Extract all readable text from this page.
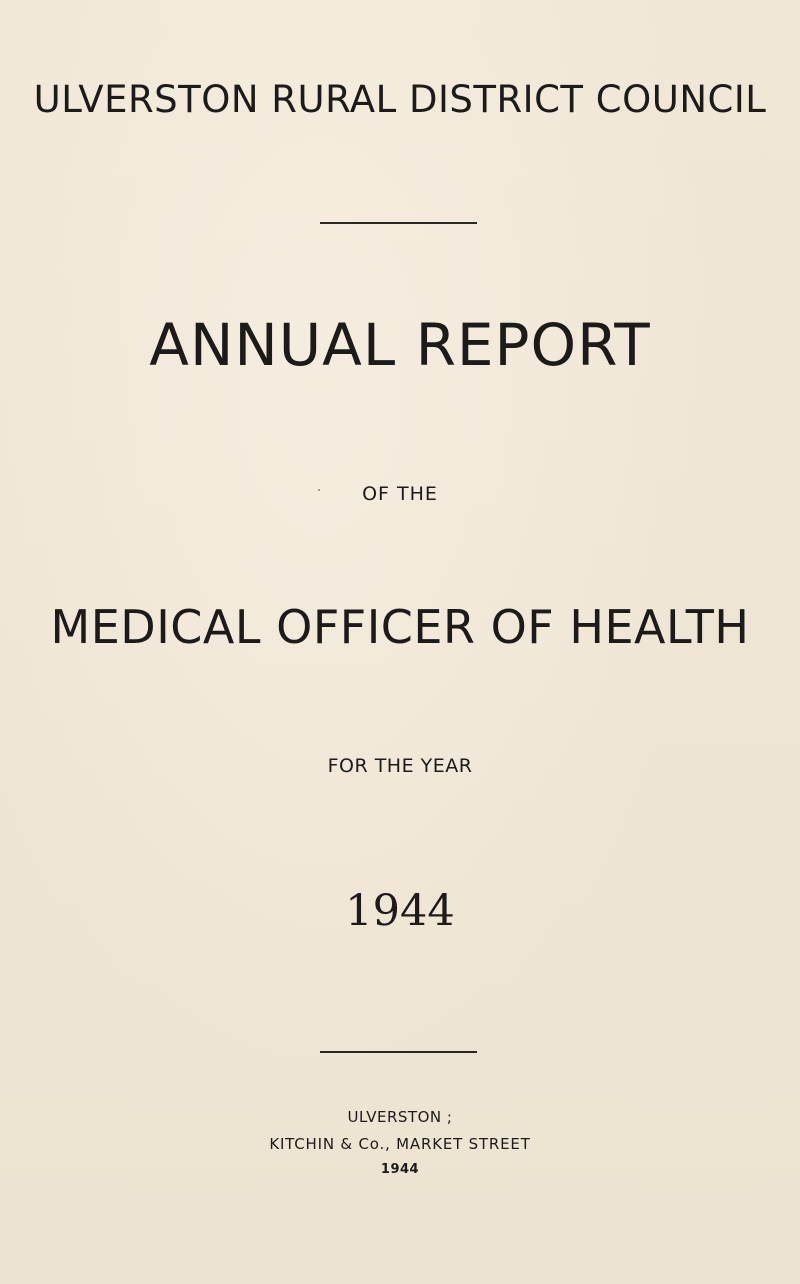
ULVERSTON RURAL DISTRICT COUNCIL
ANNUAL REPORT
OF THE
MEDICAL OFFICER OF HEALTH
FOR THE YEAR
1944
ULVERSTON ;
KITCHIN & Co., MARKET STREET
1944
